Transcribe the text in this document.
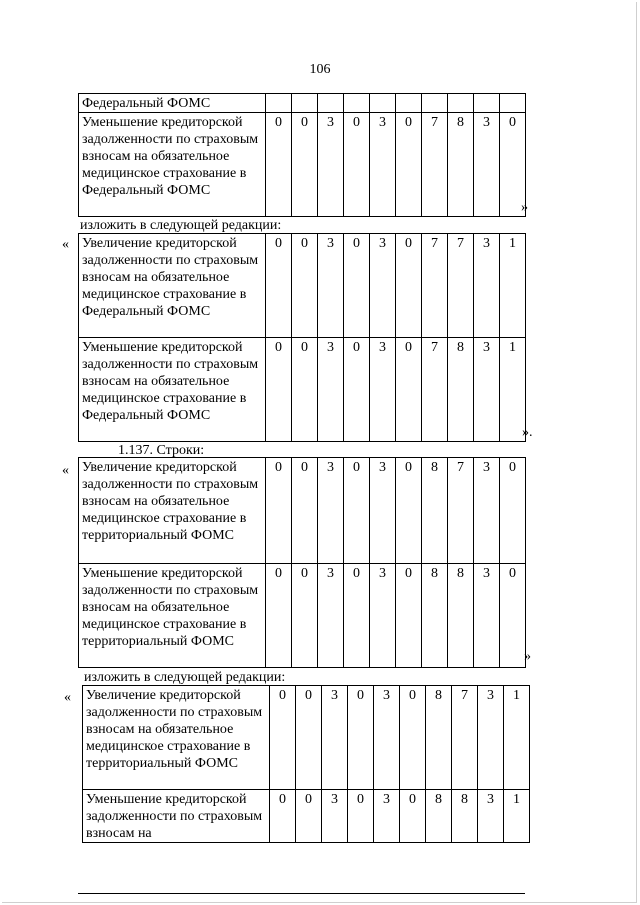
106
Федеральный ФОМС										
Уменьшение кредиторской задолженности по страховым взносам на обязательное медицинское страхование в Федеральный ФОМС	0	0	3	0	3	0	7	8	3	0
»
изложить в следующей редакции:
« Увеличение кредиторской задолженности по страховым взносам на обязательное медицинское страхование в Федеральный ФОМС	0	0	3	0	3	0	7	7	3	1
Уменьшение кредиторской задолженности по страховым взносам на обязательное медицинское страхование в Федеральный ФОМС	0	0	3	0	3	0	7	8	3	1
».
1.137. Строки:
« Увеличение кредиторской задолженности по страховым взносам на обязательное медицинское страхование в территориальный ФОМС	0	0	3	0	3	0	8	7	3	0
Уменьшение кредиторской задолженности по страховым взносам на обязательное медицинское страхование в территориальный ФОМС	0	0	3	0	3	0	8	8	3	0
»
изложить в следующей редакции:
« Увеличение кредиторской задолженности по страховым взносам на обязательное медицинское страхование в территориальный ФОМС	0	0	3	0	3	0	8	7	3	1
Уменьшение кредиторской задолженности по страховым взносам на	0	0	3	0	3	0	8	8	3	1
